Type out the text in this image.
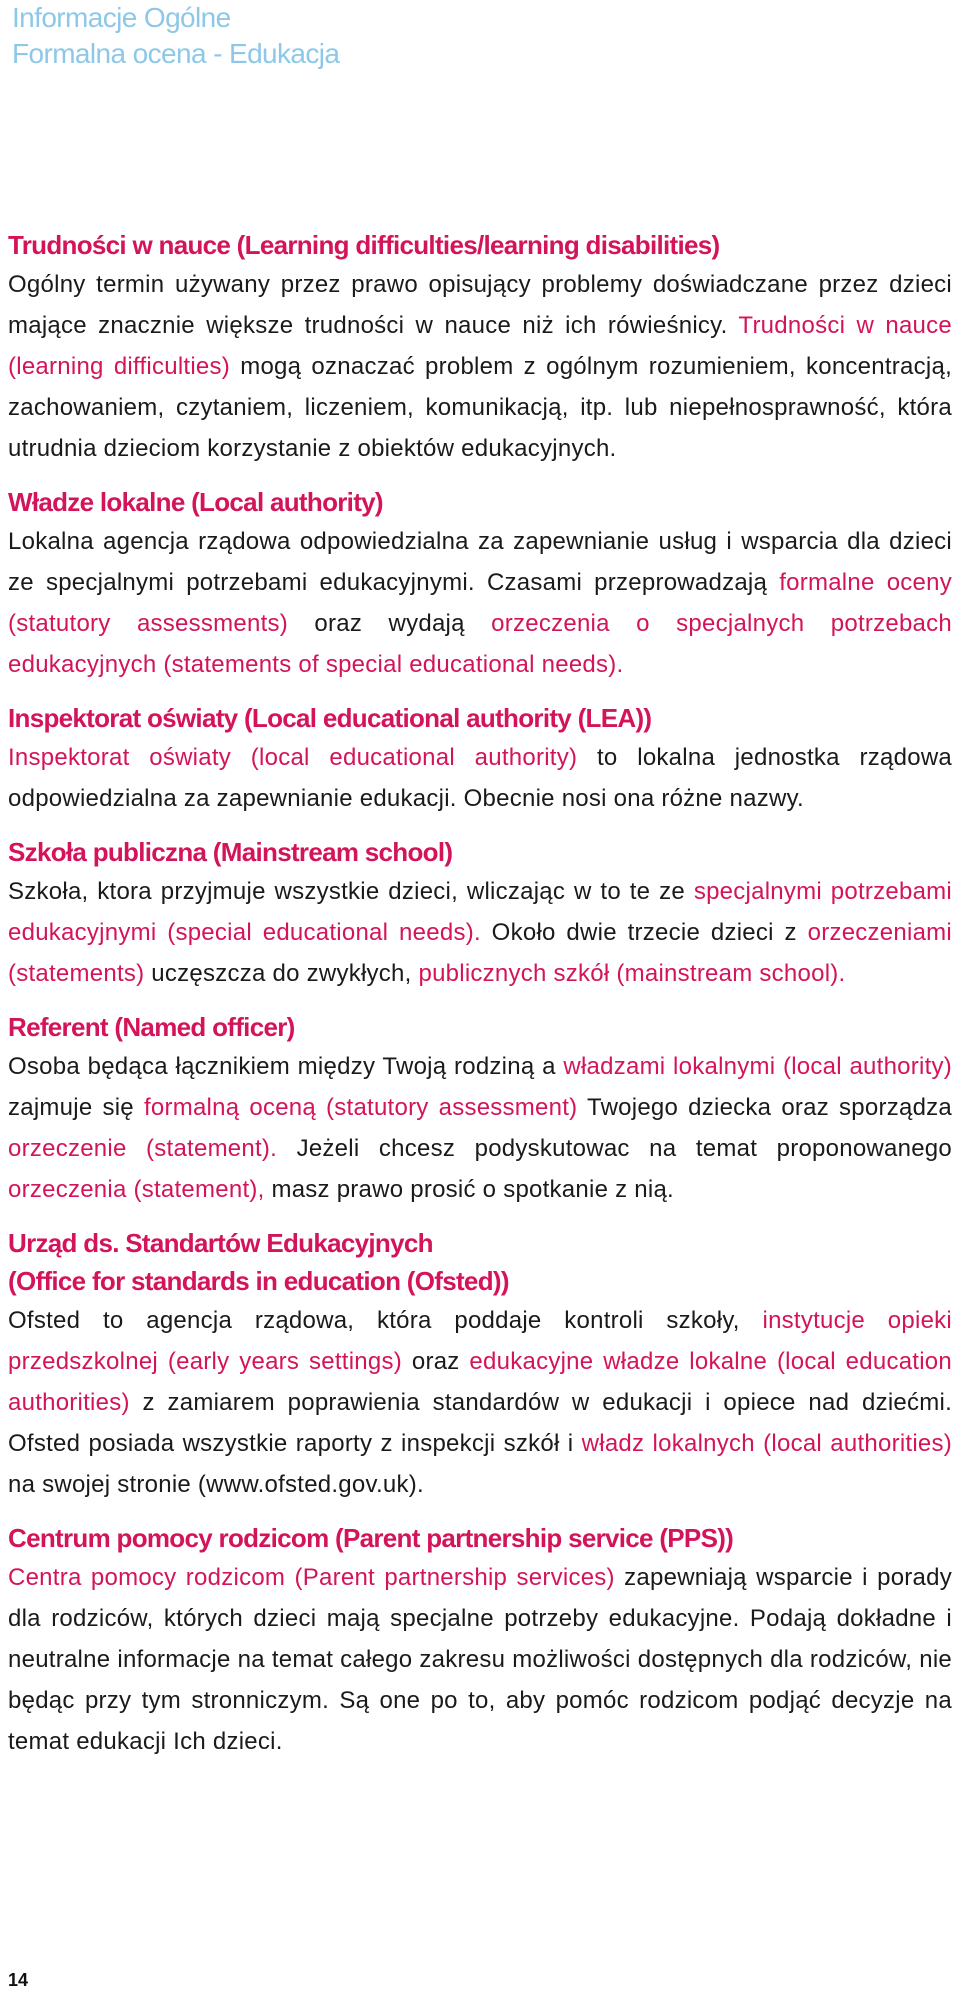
Informacje Ogólne
Formalna ocena - Edukacja
Trudności w nauce (Learning difficulties/learning disabilities)
Ogólny termin używany przez prawo opisujący problemy doświadczane przez dzieci mające znacznie większe trudności w nauce niż ich rówieśnicy. Trudności w nauce (learning difficulties) mogą oznaczać problem z ogólnym rozumieniem, koncentracją, zachowaniem, czytaniem, liczeniem, komunikacją, itp. lub niepełnosprawność, która utrudnia dzieciom korzystanie z obiektów edukacyjnych.
Władze lokalne (Local authority)
Lokalna agencja rządowa odpowiedzialna za zapewnianie usług i wsparcia dla dzieci ze specjalnymi potrzebami edukacyjnymi. Czasami przeprowadzają formalne oceny (statutory assessments) oraz wydają orzeczenia o specjalnych potrzebach edukacyjnych (statements of special educational needs).
Inspektorat oświaty (Local educational authority (LEA))
Inspektorat oświaty (local educational authority) to lokalna jednostka rządowa odpowiedzialna za zapewnianie edukacji. Obecnie nosi ona różne nazwy.
Szkoła publiczna (Mainstream school)
Szkoła, ktora przyjmuje wszystkie dzieci, wliczając w to te ze specjalnymi potrzebami edukacyjnymi (special educational needs). Około dwie trzecie dzieci z orzeczeniami (statements) uczęszcza do zwykłych, publicznych szkół (mainstream school).
Referent (Named officer)
Osoba będąca łącznikiem między Twoją rodziną a władzami lokalnymi (local authority) zajmuje się formalną oceną (statutory assessment) Twojego dziecka oraz sporządza orzeczenie (statement). Jeżeli chcesz podyskutowac na temat proponowanego orzeczenia (statement), masz prawo prosić o spotkanie z nią.
Urząd ds. Standartów Edukacyjnych
(Office for standards in education (Ofsted))
Ofsted to agencja rządowa, która poddaje kontroli szkoły, instytucje opieki przedszkolnej (early years settings) oraz edukacyjne władze lokalne (local education authorities) z zamiarem poprawienia standardów w edukacji i opiece nad dziećmi. Ofsted posiada wszystkie raporty z inspekcji szkół i władz lokalnych (local authorities) na swojej stronie (www.ofsted.gov.uk).
Centrum pomocy rodzicom (Parent partnership service (PPS))
Centra pomocy rodzicom (Parent partnership services) zapewniają wsparcie i porady dla rodziców, których dzieci mają specjalne potrzeby edukacyjne. Podają dokładne i neutralne informacje na temat całego zakresu możliwości dostępnych dla rodziców, nie będąc przy tym stronniczym. Są one po to, aby pomóc rodzicom podjąć decyzje na temat edukacji Ich dzieci.
14
